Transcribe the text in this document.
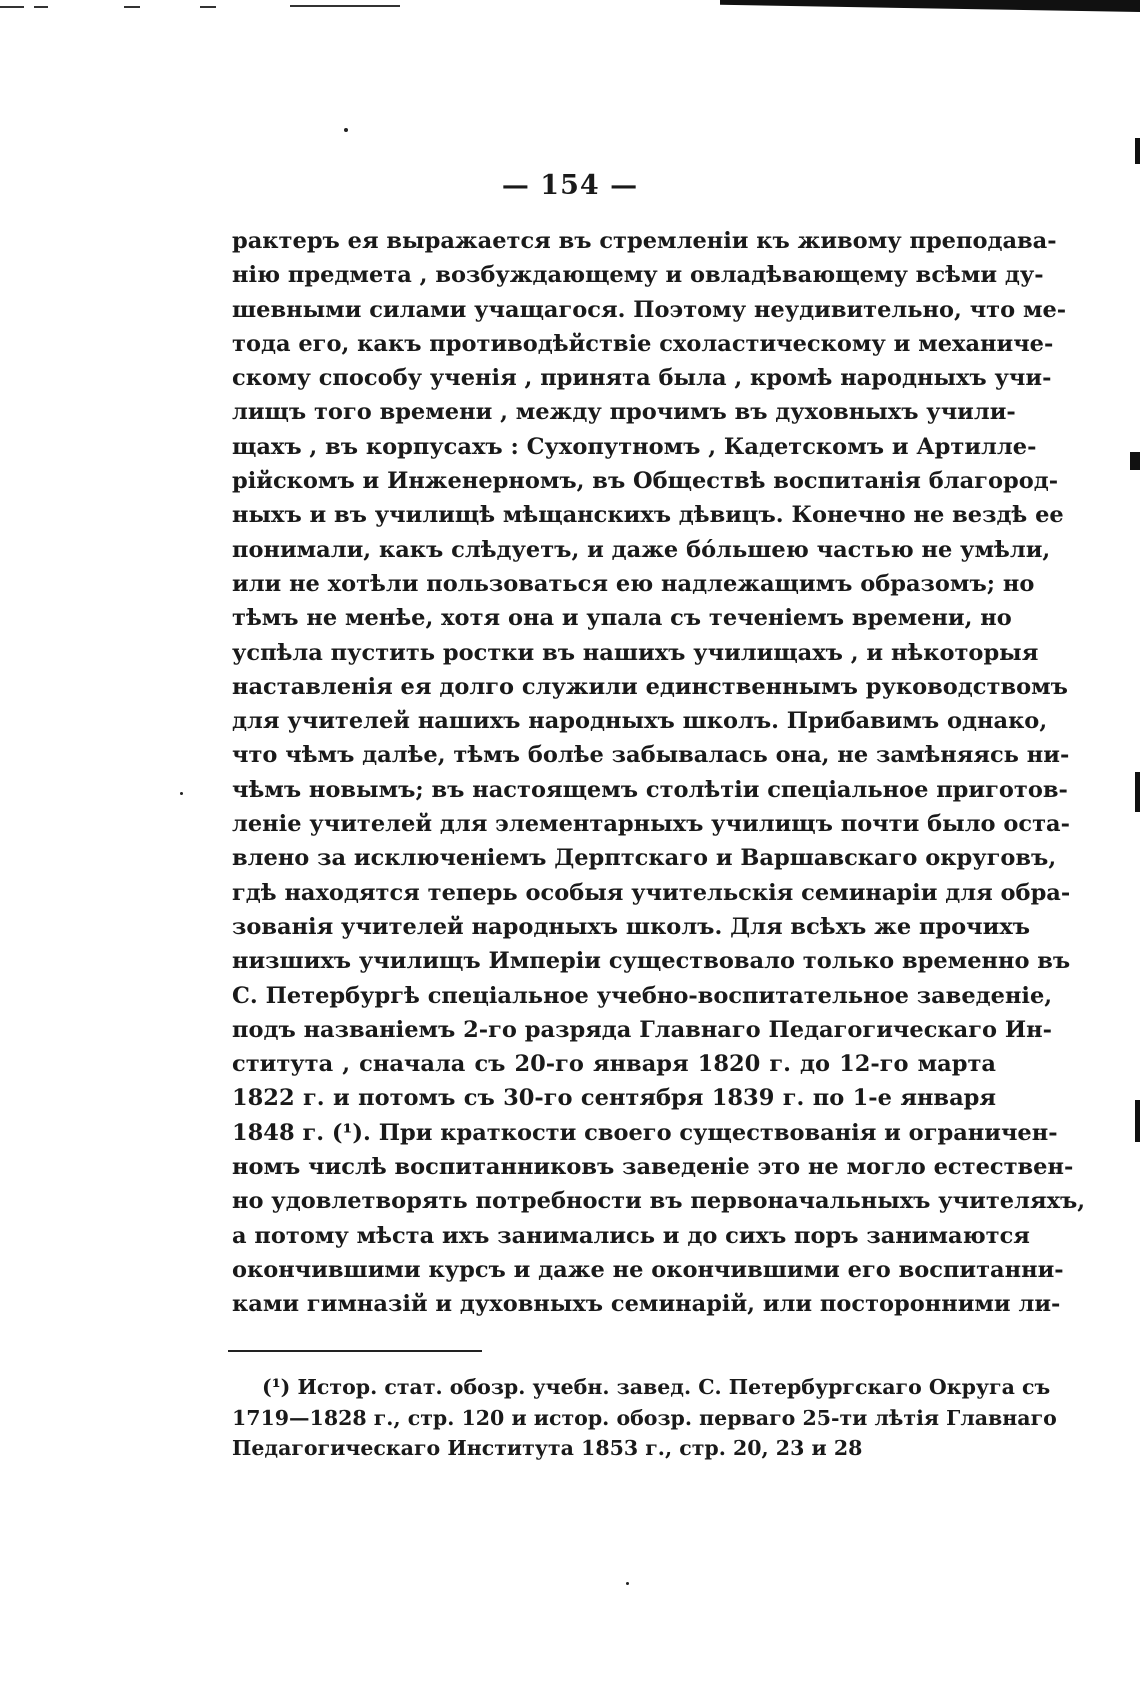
— 154 —
рактеръ ея выражается въ стремленiи къ живому преподава-
нiю предмета , возбуждающему и овладѣвающему всѣми ду-
шевными силами учащагося. Поэтому неудивительно, что ме-
тода его, какъ противодѣйствiе схоластическому и механиче-
скому способу ученiя , принята была , кромѣ народныхъ учи-
лищъ того времени , между прочимъ въ духовныхъ учили-
щахъ , въ корпусахъ : Сухопутномъ , Кадетскомъ и Артилле-
рiйскомъ и Инженерномъ, въ Обществѣ воспитанiя благород-
ныхъ и въ училищѣ мѣщанскихъ дѣвицъ. Конечно не вездѣ ее
понимали, какъ слѣдуетъ, и даже бóльшею частью не умѣли,
или не хотѣли пользоваться ею надлежащимъ образомъ; но
тѣмъ не менѣе, хотя она и упала съ теченiемъ времени, но
успѣла пустить ростки въ нашихъ училищахъ , и нѣкоторыя
наставленiя ея долго служили единственнымъ руководствомъ
для учителей нашихъ народныхъ школъ. Прибавимъ однако,
что чѣмъ далѣе, тѣмъ болѣе забывалась она, не замѣняясь ни-
чѣмъ новымъ; въ настоящемъ столѣтiи спецiальное приготов-
ленiе учителей для элементарныхъ училищъ почти было оста-
влено за исключенiемъ Дерптскаго и Варшавскаго округовъ,
гдѣ находятся теперь особыя учительскiя семинарiи для обра-
зованiя учителей народныхъ школъ. Для всѣхъ же прочихъ
низшихъ училищъ Имперiи существовало только временно въ
С. Петербургѣ спецiальное учебно-воспитательное заведенiе,
подъ названiемъ 2-го разряда Главнаго Педагогическаго Ин-
ститута , сначала съ 20-го января 1820 г. до 12-го марта
1822 г. и потомъ съ 30-го сентября 1839 г. по 1-е января
1848 г. (¹). При краткости своего существованiя и ограничен-
номъ числѣ воспитанниковъ заведенiе это не могло естествен-
но удовлетворять потребности въ первоначальныхъ учителяхъ,
а потому мѣста ихъ занимались и до сихъ поръ занимаются
окончившими курсъ и даже не окончившими его воспитанни-
ками гимназiй и духовныхъ семинарiй, или посторонними ли-
(¹) Истор. стат. обозр. учебн. завед. С. Петербургскаго Округа съ
1719—1828 г., стр. 120 и истор. обозр. перваго 25-ти лѣтiя Главнаго
Педагогическаго Института 1853 г., стр. 20, 23 и 28
